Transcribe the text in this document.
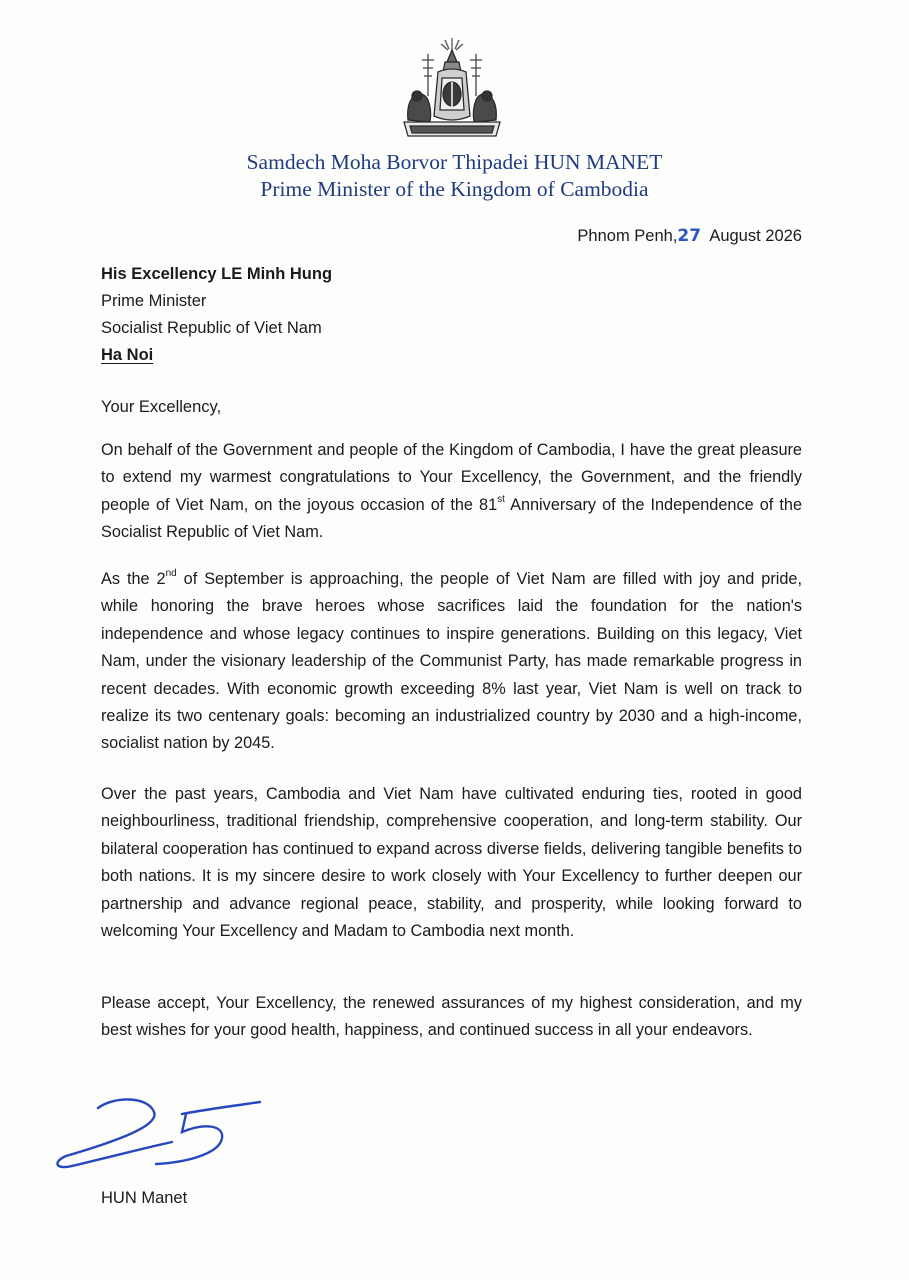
Samdech Moha Borvor Thipadei HUN MANET
Prime Minister of the Kingdom of Cambodia
Phnom Penh,27 August 2026
His Excellency LE Minh Hung
Prime Minister
Socialist Republic of Viet Nam
Ha Noi
Your Excellency,

On behalf of the Government and people of the Kingdom of Cambodia, I have the great pleasure to extend my warmest congratulations to Your Excellency, the Government, and the friendly people of Viet Nam, on the joyous occasion of the 81st Anniversary of the Independence of the Socialist Republic of Viet Nam.

As the 2nd of September is approaching, the people of Viet Nam are filled with joy and pride, while honoring the brave heroes whose sacrifices laid the foundation for the nation's independence and whose legacy continues to inspire generations. Building on this legacy, Viet Nam, under the visionary leadership of the Communist Party, has made remarkable progress in recent decades. With economic growth exceeding 8% last year, Viet Nam is well on track to realize its two centenary goals: becoming an industrialized country by 2030 and a high-income, socialist nation by 2045.

Over the past years, Cambodia and Viet Nam have cultivated enduring ties, rooted in good neighbourliness, traditional friendship, comprehensive cooperation, and long-term stability. Our bilateral cooperation has continued to expand across diverse fields, delivering tangible benefits to both nations. It is my sincere desire to work closely with Your Excellency to further deepen our partnership and advance regional peace, stability, and prosperity, while looking forward to welcoming Your Excellency and Madam to Cambodia next month.

Please accept, Your Excellency, the renewed assurances of my highest consideration, and my best wishes for your good health, happiness, and continued success in all your endeavors.

HUN Manet
